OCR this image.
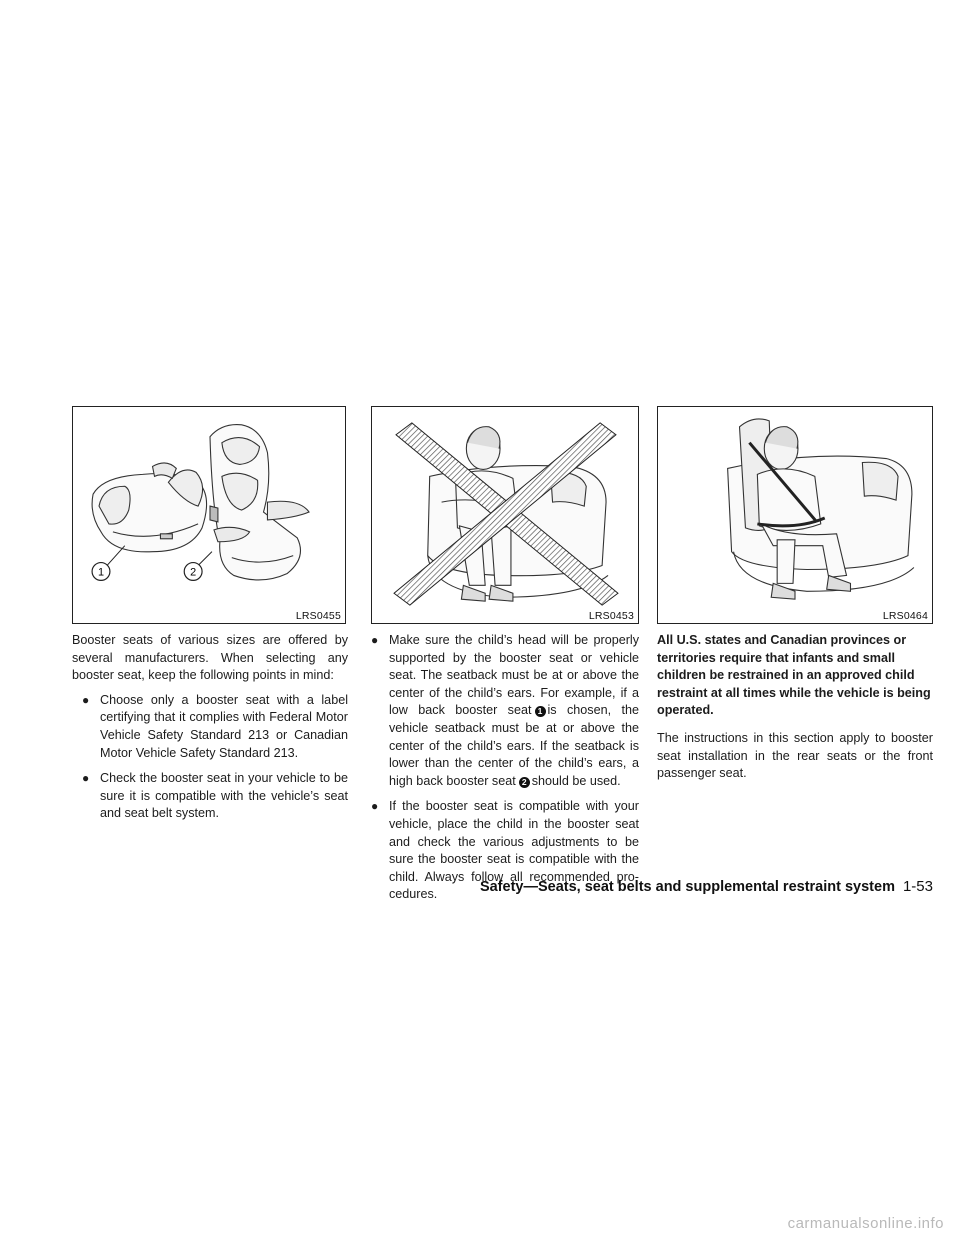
1	2
LRS0455	LRS0453	LRS0464

Booster seats of various sizes are offered by several manufacturers. When selecting any booster seat, keep the following points in mind:

● Choose only a booster seat with a label certifying that it complies with Federal Motor Vehicle Safety Standard 213 or Canadian Motor Vehicle Safety Standard 213.
● Check the booster seat in your vehicle to be sure it is compatible with the vehicle’s seat and seat belt system.
● Make sure the child’s head will be properly supported by the booster seat or vehicle seat. The seatback must be at or above the center of the child’s ears. For example, if a low back booster seat 1 is chosen, the vehicle seatback must be at or above the center of the child’s ears. If the seatback is lower than the center of the child’s ears, a high back booster seat 2 should be used.
● If the booster seat is compatible with your vehicle, place the child in the booster seat and check the various adjustments to be sure the booster seat is compatible with the child. Always follow all recommended pro-cedures.

All U.S. states and Canadian provinces or territories require that infants and small children be restrained in an approved child restraint at all times while the vehicle is being operated.

The instructions in this section apply to booster seat installation in the rear seats or the front passenger seat.

Safety—Seats, seat belts and supplemental restraint system 1-53
carmanualsonline.info
